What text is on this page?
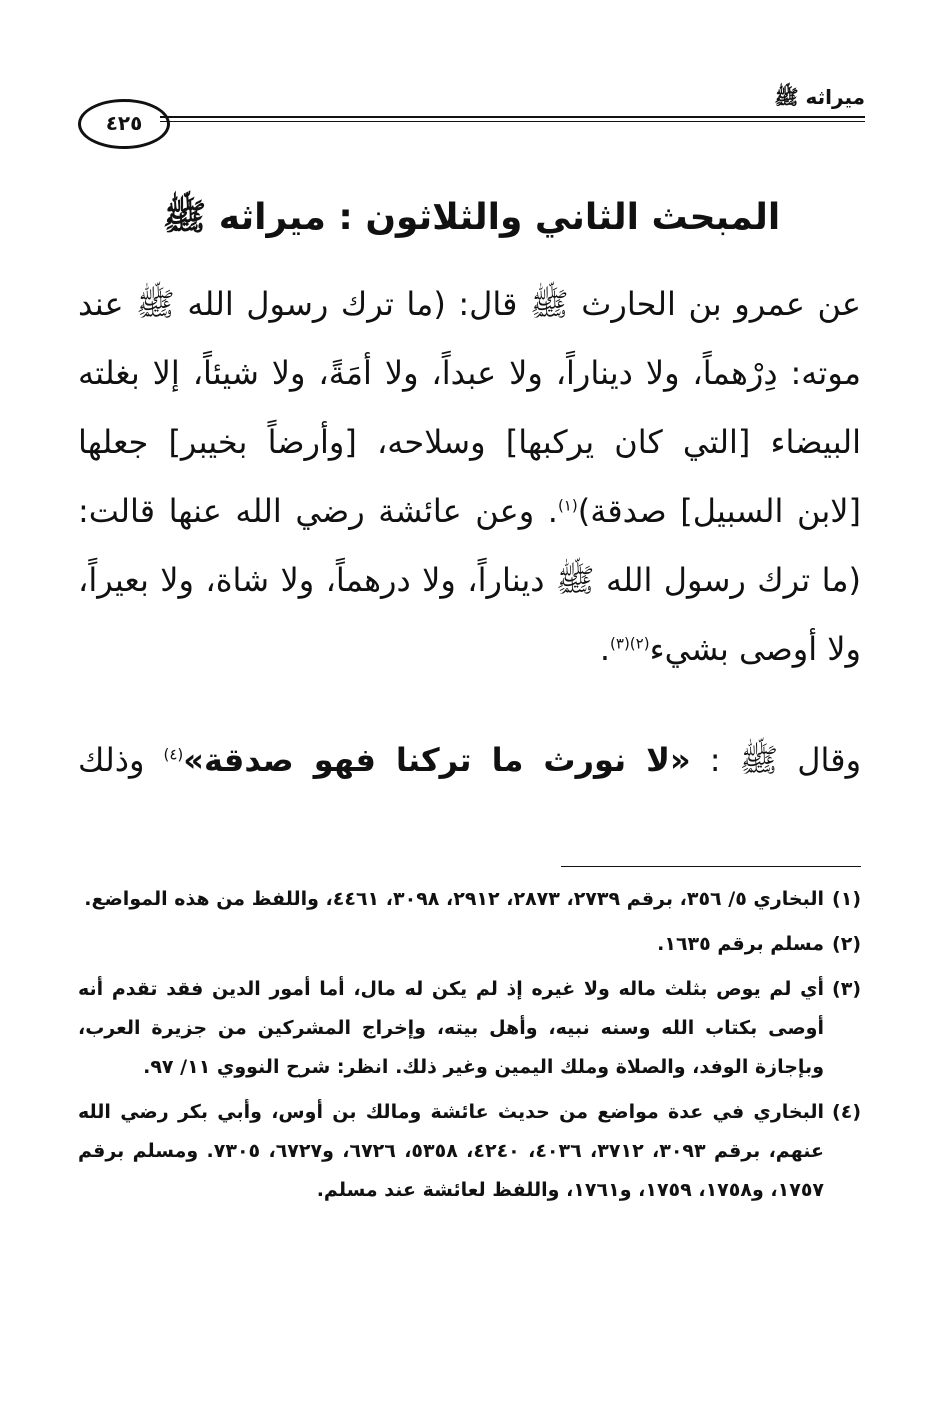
ميراثه ﷺ
٤٢٥
المبحث الثاني والثلاثون : ميراثه ﷺ

عن عمرو بن الحارث ﷺ قال: (ما ترك رسول الله ﷺ عند موته: دِرْهماً، ولا ديناراً، ولا عبداً، ولا أمَةً، ولا شيئاً، إلا بغلته البيضاء [التي كان يركبها] وسلاحه، [وأرضاً بخيبر] جعلها [لابن السبيل] صدقة)$^{(١)}$. وعن عائشة رضي الله عنها قالت: (ما ترك رسول الله ﷺ ديناراً، ولا درهماً، ولا شاة، ولا بعيراً، ولا أوصى بشيء$^{(٢)(٣)}$.

وقال ﷺ : «لا نورث ما تركنا فهو صدقة»$^{(٤)}$ وذلك
(١)
البخاري ٥/ ٣٥٦، برقم ٢٧٣٩، ٢٨٧٣، ٢٩١٢، ٣٠٩٨، ٤٤٦١، واللفظ من هذه المواضع.
(٢)
مسلم برقم ١٦٣٥.
(٣)
أي لم يوص بثلث ماله ولا غيره إذ لم يكن له مال، أما أمور الدين فقد تقدم أنه أوصى بكتاب الله وسنه نبيه، وأهل بيته، وإخراج المشركين من جزيرة العرب، وبإجازة الوفد، والصلاة وملك اليمين وغير ذلك. انظر: شرح النووي ١١/ ٩٧.
(٤)
البخاري في عدة مواضع من حديث عائشة ومالك بن أوس، وأبي بكر رضي الله عنهم، برقم ٣٠٩٣، ٣٧١٢، ٤٠٣٦، ٤٢٤٠، ٥٣٥٨، ٦٧٢٦، و٦٧٢٧، ٧٣٠٥. ومسلم برقم ١٧٥٧، و١٧٥٨، ١٧٥٩، و١٧٦١، واللفظ لعائشة عند مسلم.
